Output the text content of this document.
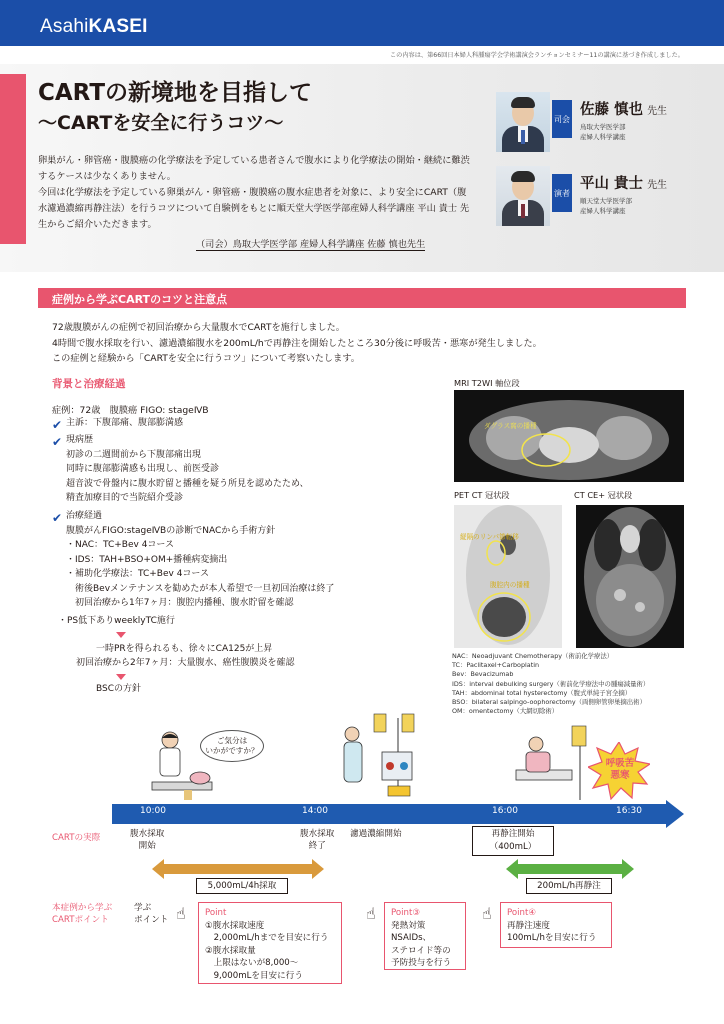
AsahiKASEI
この内容は、第66回日本婦人科腫瘍学会学術講演会ランチョンセミナー11の講演に基づき作成しました。
CARTの新境地を目指して
〜CARTを安全に行うコツ〜

卵巣がん・卵管癌・腹膜癌の化学療法を予定している患者さんで腹水により化学療法の開始・継続に難渋するケースは少なくありません。

今回は化学療法を予定している卵巣がん・卵管癌・腹膜癌の腹水症患者を対象に、より安全にCART（腹水濾過濃縮再静注法）を行うコツについて自験例をもとに順天堂大学医学部産婦人科学講座 平山 貴士 先生からご紹介いただきます。

（司会）鳥取大学医学部 産婦人科学講座 佐藤 慎也先生
司会
佐藤 慎也 先生
鳥取大学医学部
産婦人科学講座
演者
平山 貴士 先生
順天堂大学医学部
産婦人科学講座
症例から学ぶCARTのコツと注意点
72歳腹膜がんの症例で初回治療から大量腹水でCARTを施行しました。
4時間で腹水採取を行い、濾過濃縮腹水を200mL/hで再静注を開始したところ30分後に呼吸苦・悪寒が発生しました。
この症例と経験から「CARTを安全に行うコツ」について考察いたします。
背景と治療経過
症例：72歳　腹膜癌 FIGO: stageⅣB
✔ 主訴：下腹部痛、腹部膨満感
✔ 現病歴
初診の二週間前から下腹部痛出現
同時に腹部膨満感も出現し、前医受診
超音波で骨盤内に腹水貯留と播種を疑う所見を認めたため、
精査加療目的で当院紹介受診
✔ 治療経過
腹膜がんFIGO:stageⅣBの診断でNACから手術方針
・NAC：TC+Bev 4コース
・IDS：TAH+BSO+OM+播種病変摘出
・補助化学療法：TC+Bev 4コース
　術後Bevメンテナンスを勧めたが本人希望で一旦初回治療は終了
　初回治療から1年7ヶ月：腹腔内播種、腹水貯留を確認
・PS低下ありweeklyTC施行
一時PRを得られるも、徐々にCA125が上昇
初回治療から2年7ヶ月：大量腹水、癌性腹膜炎を確認
BSCの方針
MRI T2WI 軸位段
ダグラス窩の播種
PET CT 冠状段
縦隔のリンパ節転移
腹腔内の播種
CT CE+ 冠状段
NAC：Neoadjuvant Chemotherapy（術前化学療法）
TC：Paclitaxel+Carboplatin
Bev：Bevacizumab
IDS：interval debulking surgery（術前化学療法中の腫瘍減量術）
TAH：abdominal total hysterectomy（腹式単純子宮全摘）
BSO：bilateral salpingo-oophorectomy（両側卵管卵巣摘出術）
OM：omentectomy（大網切除術）
ご気分は
いかがですか？
呼吸苦
悪寒
10:00	14:00	16:00	16:30
CARTの実際	腹水採取
開始
腹水採取
終了
濾過濃縮開始	再静注開始
（400mL）
5,000mL/4h採取	200mL/h再静注
本症例から学ぶ
CARTポイント
学ぶ
ポイント ☝ Point
①腹水採取速度
　2,000mL/hまでを目安に行う
②腹水採取量
　上限はないが8,000〜
　9,000mLを目安に行う
☝ Point③
発熱対策
NSAIDs、
ステロイド等の
予防投与を行う
☝ Point④
再静注速度
100mL/hを目安に行う
